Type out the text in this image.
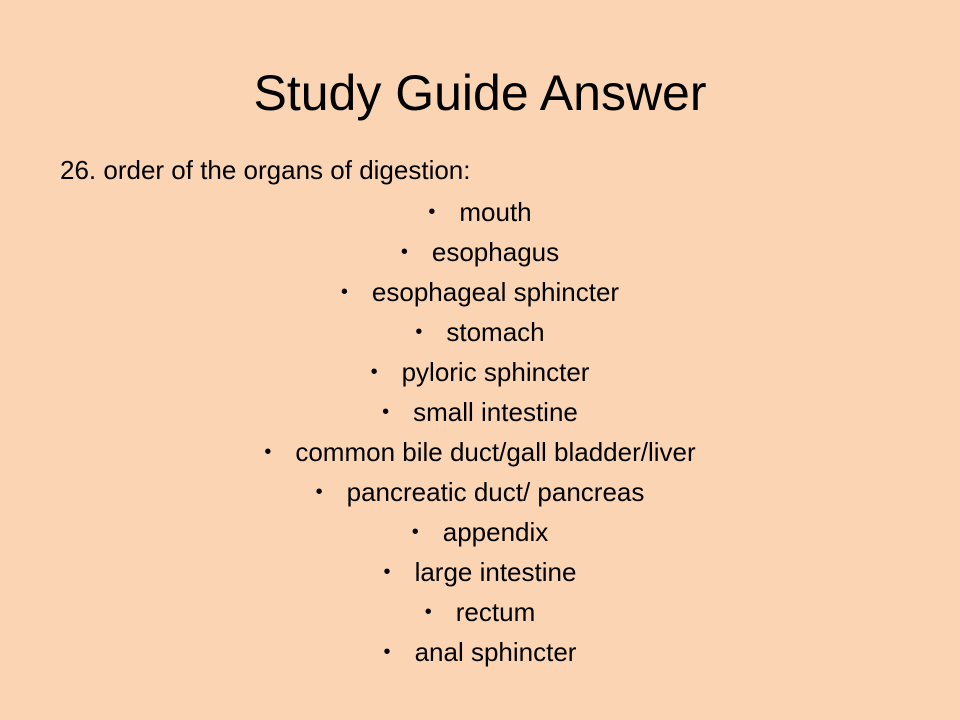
Study Guide Answer

26. order of the organs of digestion:

• mouth
• esophagus
• esophageal sphincter
• stomach
• pyloric sphincter
• small intestine
• common bile duct/gall bladder/liver
• pancreatic duct/ pancreas
• appendix
• large intestine
• rectum
• anal sphincter
